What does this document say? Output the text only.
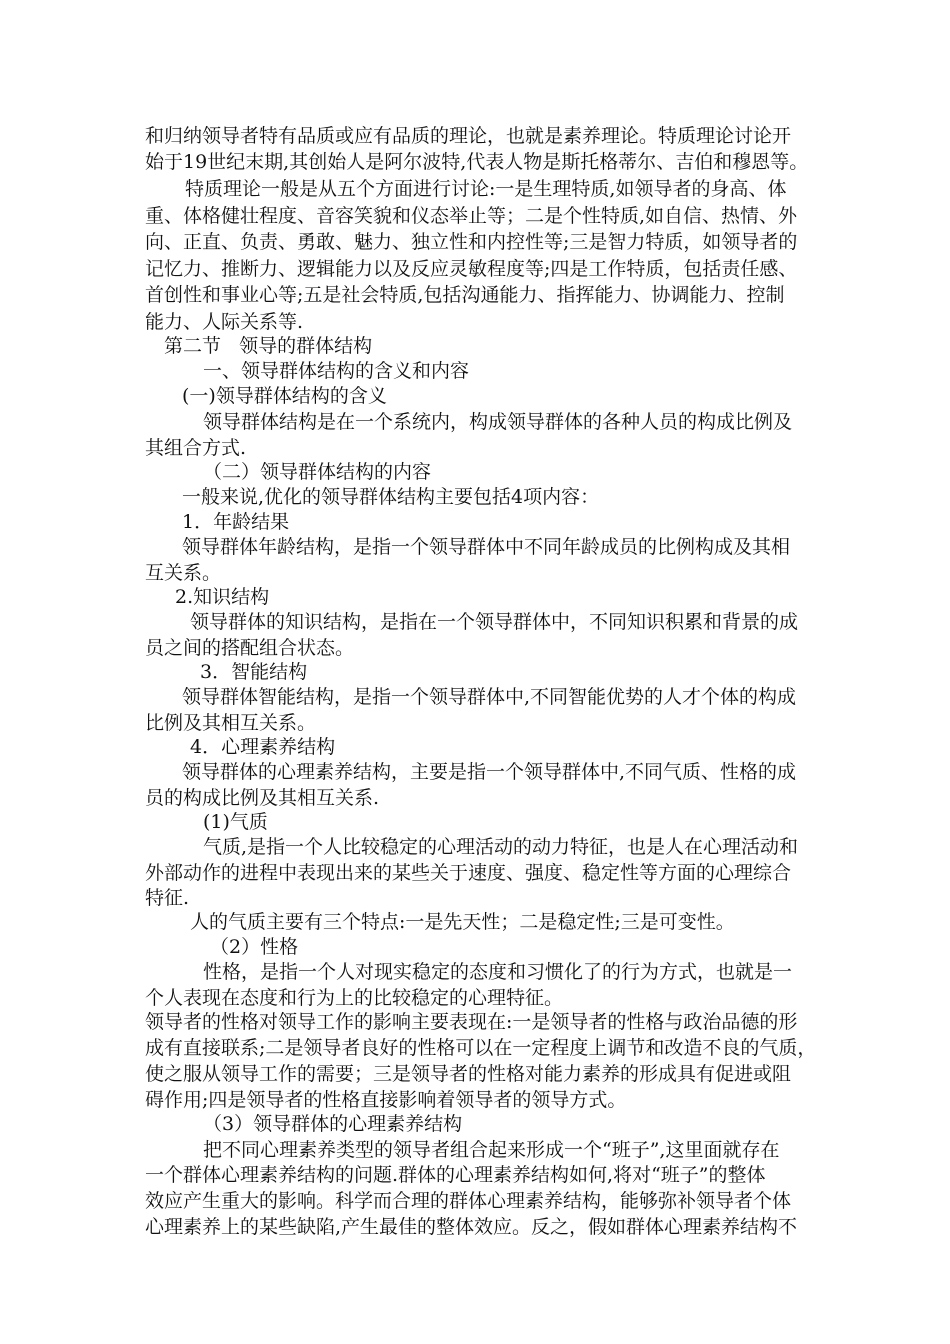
和归纳领导者特有品质或应有品质的理论，也就是素养理论。特质理论讨论开
始于19世纪末期,其创始人是阿尔波特,代表人物是斯托格蒂尔、吉伯和穆恩等。
特质理论一般是从五个方面进行讨论:一是生理特质,如领导者的身高、体
重、体格健壮程度、音容笑貌和仪态举止等；二是个性特质,如自信、热情、外
向、正直、负责、勇敢、魅力、独立性和内控性等;三是智力特质，如领导者的
记忆力、推断力、逻辑能力以及反应灵敏程度等;四是工作特质，包括责任感、
首创性和事业心等;五是社会特质,包括沟通能力、指挥能力、协调能力、控制
能力、人际关系等.
第二节   领导的群体结构
一、领导群体结构的含义和内容
(一)领导群体结构的含义
领导群体结构是在一个系统内，构成领导群体的各种人员的构成比例及
其组合方式.
（二）领导群体结构的内容
一般来说,优化的领导群体结构主要包括4项内容：
1．年龄结果
领导群体年龄结构，是指一个领导群体中不同年龄成员的比例构成及其相
互关系。
2.知识结构
领导群体的知识结构，是指在一个领导群体中，不同知识积累和背景的成
员之间的搭配组合状态。
3．智能结构
领导群体智能结构，是指一个领导群体中,不同智能优势的人才个体的构成
比例及其相互关系。
4．心理素养结构
领导群体的心理素养结构，主要是指一个领导群体中,不同气质、性格的成
员的构成比例及其相互关系.
(1)气质
气质,是指一个人比较稳定的心理活动的动力特征，也是人在心理活动和
外部动作的进程中表现出来的某些关于速度、强度、稳定性等方面的心理综合
特征.
人的气质主要有三个特点:一是先天性；二是稳定性;三是可变性。
（2）性格
性格，是指一个人对现实稳定的态度和习惯化了的行为方式，也就是一
个人表现在态度和行为上的比较稳定的心理特征。
领导者的性格对领导工作的影响主要表现在:一是领导者的性格与政治品德的形
成有直接联系;二是领导者良好的性格可以在一定程度上调节和改造不良的气质，
使之服从领导工作的需要；三是领导者的性格对能力素养的形成具有促进或阻
碍作用;四是领导者的性格直接影响着领导者的领导方式。
（3）领导群体的心理素养结构
把不同心理素养类型的领导者组合起来形成一个“班子”,这里面就存在
一个群体心理素养结构的问题.群体的心理素养结构如何,将对“班子”的整体
效应产生重大的影响。科学而合理的群体心理素养结构，能够弥补领导者个体
心理素养上的某些缺陷,产生最佳的整体效应。反之，假如群体心理素养结构不
